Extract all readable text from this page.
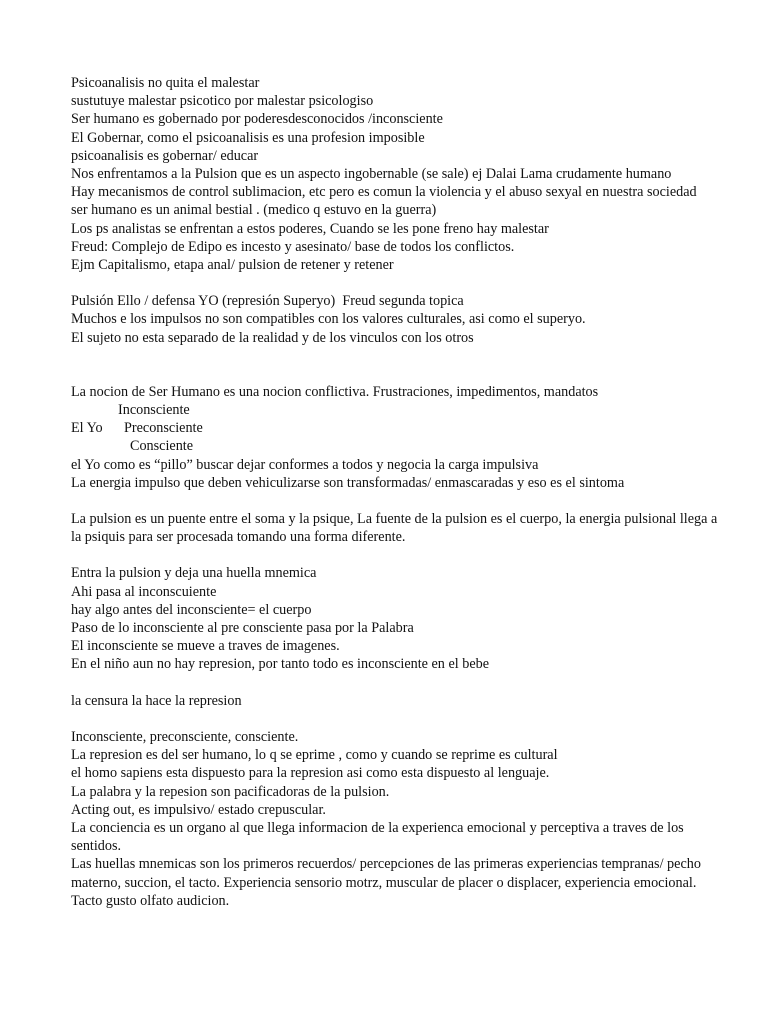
Psicoanalisis no quita el malestar

sustutuye malestar psicotico por malestar psicologiso

Ser humano es gobernado por poderesdesconocidos /inconsciente

El Gobernar, como el psicoanalisis es una profesion imposible

psicoanalisis es gobernar/ educar

Nos enfrentamos a la Pulsion que es un aspecto ingobernable (se sale) ej Dalai Lama crudamente humano

Hay mecanismos de control sublimacion, etc pero es comun la violencia y el abuso sexyal en nuestra sociedad

ser humano es un animal bestial . (medico q estuvo en la guerra)

Los ps analistas se enfrentan a estos poderes, Cuando se les pone freno hay malestar

Freud: Complejo de Edipo es incesto y asesinato/ base de todos los conflictos.

Ejm Capitalismo, etapa anal/ pulsion de retener y retener

Pulsión Ello / defensa YO (represión Superyo)  Freud segunda topica

Muchos e los impulsos no son compatibles con los valores culturales, asi como el superyo.

El sujeto no esta separado de la realidad y de los vinculos con los otros

La nocion de Ser Humano es una nocion conflictiva. Frustraciones, impedimentos, mandatos

Inconsciente

El Yo	Preconsciente

Consciente

el Yo como es “pillo” buscar dejar conformes a todos y negocia la carga impulsiva

La energia impulso que deben vehiculizarse son transformadas/ enmascaradas y eso es el sintoma

La pulsion es un puente entre el soma y la psique, La fuente de la pulsion es el cuerpo, la energia pulsional llega a la psiquis para ser procesada tomando una forma diferente.

Entra la pulsion y deja una huella mnemica

Ahi pasa al inconscuiente

hay algo antes del inconsciente= el cuerpo

Paso de lo inconsciente al pre consciente pasa por la Palabra

El inconsciente se mueve a traves de imagenes.

En el niño aun no hay represion, por tanto todo es inconsciente en el bebe

la censura la hace la represion

Inconsciente, preconsciente, consciente.

La represion es del ser humano, lo q se eprime , como y cuando se reprime es cultural

el homo sapiens esta dispuesto para la represion asi como esta dispuesto al lenguaje.

La palabra y la repesion son pacificadoras de la pulsion.

Acting out, es impulsivo/ estado crepuscular.

La conciencia es un organo al que llega informacion de la experienca emocional y perceptiva a traves de los sentidos.

Las huellas mnemicas son los primeros recuerdos/ percepciones de las primeras experiencias tempranas/ pecho materno, succion, el tacto. Experiencia sensorio motrz, muscular de placer o displacer, experiencia emocional. Tacto gusto olfato audicion.
